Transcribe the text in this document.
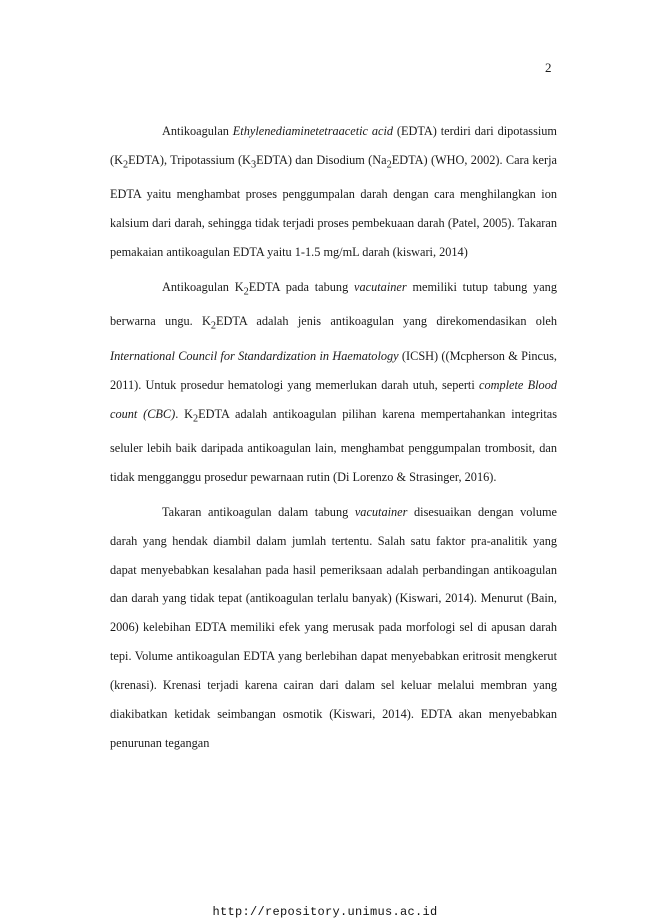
2

Antikoagulan Ethylenediaminetetraacetic acid (EDTA) terdiri dari dipotassium $(K_2EDTA)$, Tripotassium $(K_3EDTA)$ dan Disodium $(Na_2EDTA)$ (WHO, 2002). Cara kerja EDTA yaitu menghambat proses penggumpalan darah dengan cara menghilangkan ion kalsium dari darah, sehingga tidak terjadi proses pembekuaan darah (Patel, 2005). Takaran pemakaian antikoagulan EDTA yaitu 1-1.5 mg/mL darah (kiswari, 2014)

Antikoagulan $K_2EDTA$ pada tabung vacutainer memiliki tutup tabung yang berwarna ungu. $K_2EDTA$ adalah jenis antikoagulan yang direkomendasikan oleh International Council for Standardization in Haematology (ICSH) ((Mcpherson & Pincus, 2011). Untuk prosedur hematologi yang memerlukan darah utuh, seperti complete Blood count (CBC). $K_2EDTA$ adalah antikoagulan pilihan karena mempertahankan integritas seluler lebih baik daripada antikoagulan lain, menghambat penggumpalan trombosit, dan tidak mengganggu prosedur pewarnaan rutin (Di Lorenzo & Strasinger, 2016).

Takaran antikoagulan dalam tabung vacutainer disesuaikan dengan volume darah yang hendak diambil dalam jumlah tertentu. Salah satu faktor pra-analitik yang dapat menyebabkan kesalahan pada hasil pemeriksaan adalah perbandingan antikoagulan dan darah yang tidak tepat (antikoagulan terlalu banyak) (Kiswari, 2014). Menurut (Bain, 2006) kelebihan EDTA memiliki efek yang merusak pada morfologi sel di apusan darah tepi. Volume antikoagulan EDTA yang berlebihan dapat menyebabkan eritrosit mengkerut (krenasi). Krenasi terjadi karena cairan dari dalam sel keluar melalui membran yang diakibatkan ketidak seimbangan osmotik (Kiswari, 2014). EDTA akan menyebabkan penurunan tegangan

http://repository.unimus.ac.id
